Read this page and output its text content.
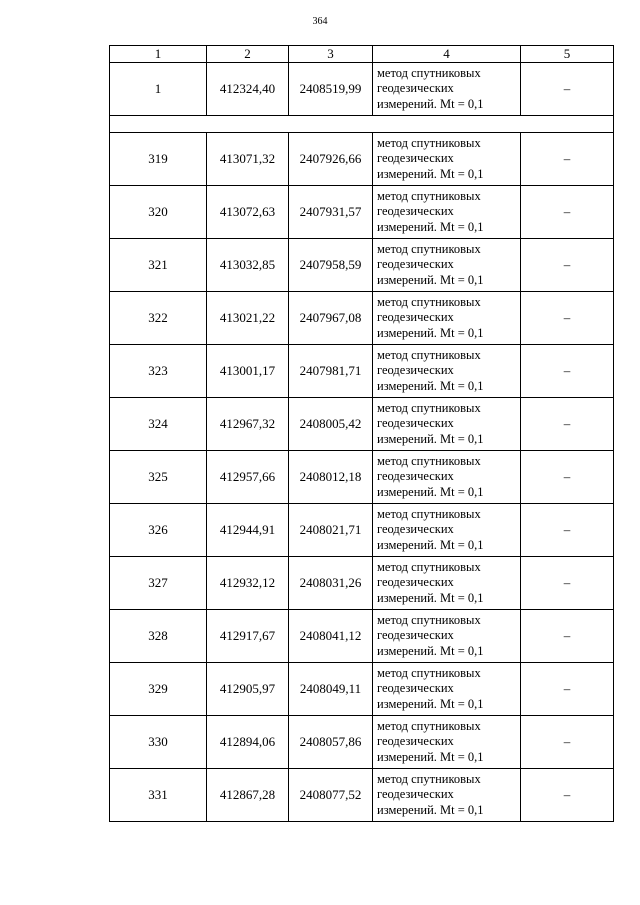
364
1	2	3	4	5
1	412324,40	2408519,99	метод спутниковых
геодезических
измерений. Mt = 0,1	–

319	413071,32	2407926,66	метод спутниковых
геодезических
измерений. Mt = 0,1	–
320	413072,63	2407931,57	метод спутниковых
геодезических
измерений. Mt = 0,1	–
321	413032,85	2407958,59	метод спутниковых
геодезических
измерений. Mt = 0,1	–
322	413021,22	2407967,08	метод спутниковых
геодезических
измерений. Mt = 0,1	–
323	413001,17	2407981,71	метод спутниковых
геодезических
измерений. Mt = 0,1	–
324	412967,32	2408005,42	метод спутниковых
геодезических
измерений. Mt = 0,1	–
325	412957,66	2408012,18	метод спутниковых
геодезических
измерений. Mt = 0,1	–
326	412944,91	2408021,71	метод спутниковых
геодезических
измерений. Mt = 0,1	–
327	412932,12	2408031,26	метод спутниковых
геодезических
измерений. Mt = 0,1	–
328	412917,67	2408041,12	метод спутниковых
геодезических
измерений. Mt = 0,1	–
329	412905,97	2408049,11	метод спутниковых
геодезических
измерений. Mt = 0,1	–
330	412894,06	2408057,86	метод спутниковых
геодезических
измерений. Mt = 0,1	–
331	412867,28	2408077,52	метод спутниковых
геодезических
измерений. Mt = 0,1	–
